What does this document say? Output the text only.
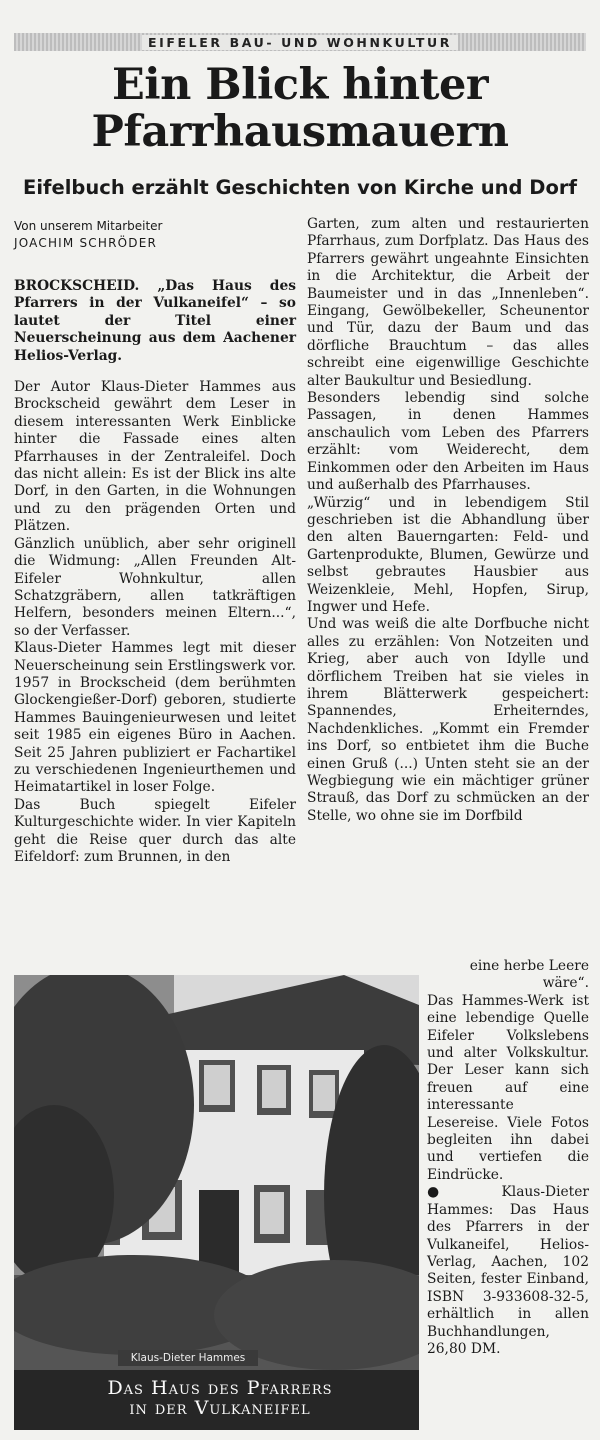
EIFELER BAU- UND WOHNKULTUR
Ein Blick hinter
Pfarrhausmauern
Eifelbuch erzählt Geschichten von Kirche und Dorf
Von unserem Mitarbeiter
JOACHIM SCHRÖDER

BROCKSCHEID. „Das Haus des Pfarrers in der Vulkaneifel“ – so lautet der Titel einer Neuerscheinung aus dem Aachener Helios-Verlag.

Der Autor Klaus-Dieter Hammes aus Brockscheid gewährt dem Leser in diesem interessanten Werk Einblicke hinter die Fassade eines alten Pfarrhauses in der Zentraleifel. Doch das nicht allein: Es ist der Blick ins alte Dorf, in den Garten, in die Wohnungen und zu den prägenden Orten und Plätzen.

Gänzlich unüblich, aber sehr originell die Widmung: „Allen Freunden Alt-Eifeler Wohnkultur, allen Schatzgräbern, allen tatkräftigen Helfern, besonders meinen Eltern...“, so der Verfasser.

Klaus-Dieter Hammes legt mit dieser Neuerscheinung sein Erstlingswerk vor. 1957 in Brockscheid (dem berühmten Glockengießer-Dorf) geboren, studierte Hammes Bauingenieurwesen und leitet seit 1985 ein eigenes Büro in Aachen. Seit 25 Jahren publiziert er Fachartikel zu verschiedenen Ingenieurthemen und Heimatartikel in loser Folge.

Das Buch spiegelt Eifeler Kulturgeschichte wider. In vier Kapiteln geht die Reise quer durch das alte Eifeldorf: zum Brunnen, in den

Garten, zum alten und restaurierten Pfarrhaus, zum Dorfplatz. Das Haus des Pfarrers gewährt ungeahnte Einsichten in die Architektur, die Arbeit der Baumeister und in das „Innenleben“. Eingang, Gewölbekeller, Scheunentor und Tür, dazu der Baum und das dörfliche Brauchtum – das alles schreibt eine eigenwillige Geschichte alter Baukultur und Besiedlung.

Besonders lebendig sind solche Passagen, in denen Hammes anschaulich vom Leben des Pfarrers erzählt: vom Weiderecht, dem Einkommen oder den Arbeiten im Haus und außerhalb des Pfarrhauses.

„Würzig“ und in lebendigem Stil geschrieben ist die Abhandlung über den alten Bauerngarten: Feld- und Gartenprodukte, Blumen, Gewürze und selbst gebrautes Hausbier aus Weizenkleie, Mehl, Hopfen, Sirup, Ingwer und Hefe.

Und was weiß die alte Dorfbuche nicht alles zu erzählen: Von Notzeiten und Krieg, aber auch von Idylle und dörflichem Treiben hat sie vieles in ihrem Blätterwerk gespeichert: Spannendes, Erheiterndes, Nachdenkliches. „Kommt ein Fremder ins Dorf, so entbietet ihm die Buche einen Gruß (...) Unten steht sie an der Wegbiegung wie ein mächtiger grüner Strauß, das Dorf zu schmücken an der Stelle, wo ohne sie im Dorfbild

eine herbe Leere wäre“.

Das Hammes-Werk ist eine lebendige Quelle Eifeler Volkslebens und alter Volkskultur. Der Leser kann sich freuen auf eine interessante Lesereise. Viele Fotos begleiten ihn dabei und vertiefen die Eindrücke.

● Klaus-Dieter Hammes: Das Haus des Pfarrers in der Vulkaneifel, Helios-Verlag, Aachen, 102 Seiten, fester Einband, ISBN 3-933608-32-5, erhältlich in allen Buchhandlungen, 26,80 DM.

Klaus-Dieter Hammes
Das Haus des Pfarrers
in der Vulkaneifel
